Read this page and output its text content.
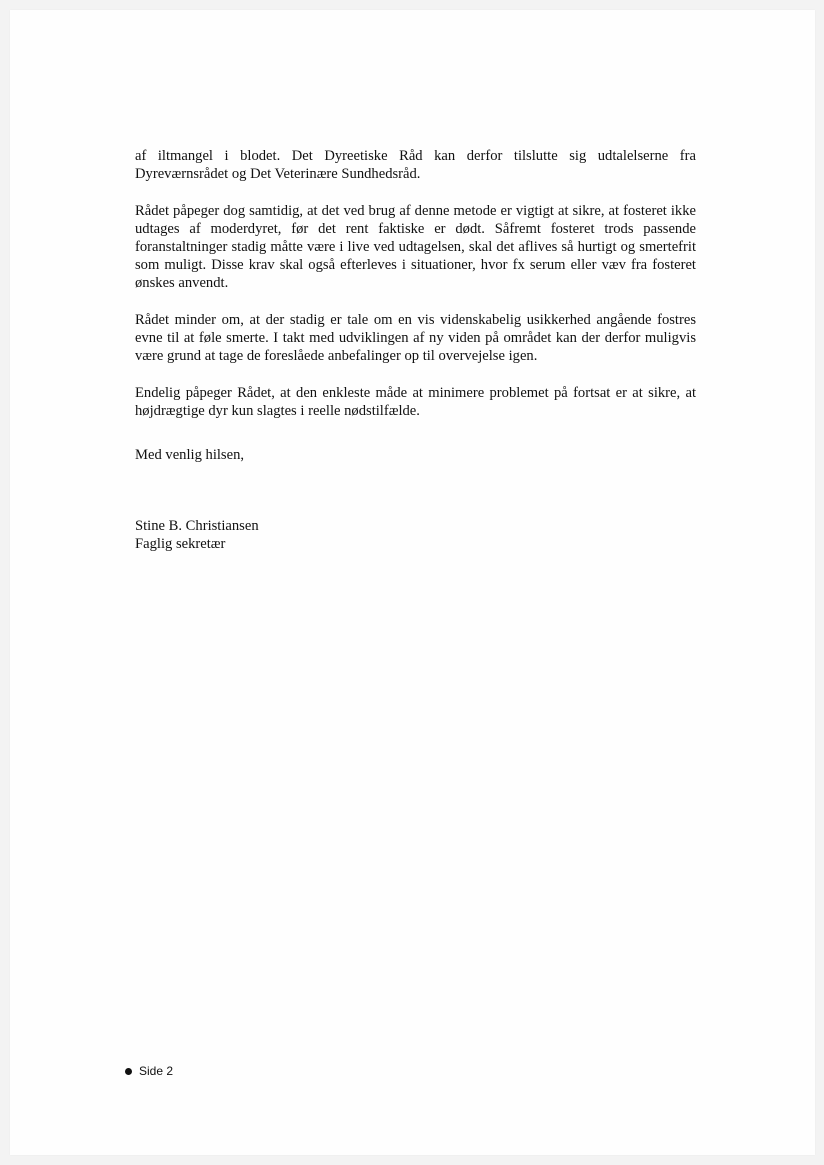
af iltmangel i blodet. Det Dyreetiske Råd kan derfor tilslutte sig udtalelserne fra Dyreværnsrådet og Det Veterinære Sundhedsråd.

Rådet påpeger dog samtidig, at det ved brug af denne metode er vigtigt at sikre, at fosteret ikke udtages af moderdyret, før det rent faktiske er dødt. Såfremt fosteret trods passende foranstaltninger stadig måtte være i live ved udtagelsen, skal det aflives så hurtigt og smertefrit som muligt. Disse krav skal også efterleves i situationer, hvor fx serum eller væv fra fosteret ønskes anvendt.

Rådet minder om, at der stadig er tale om en vis videnskabelig usikkerhed angående fostres evne til at føle smerte. I takt med udviklingen af ny viden på området kan der derfor muligvis være grund at tage de foreslåede anbefalinger op til overvejelse igen.

Endelig påpeger Rådet, at den enkleste måde at minimere problemet på fortsat er at sikre, at højdrægtige dyr kun slagtes i reelle nødstilfælde.

Med venlig hilsen,

Stine B. Christiansen
Faglig sekretær
Side 2
